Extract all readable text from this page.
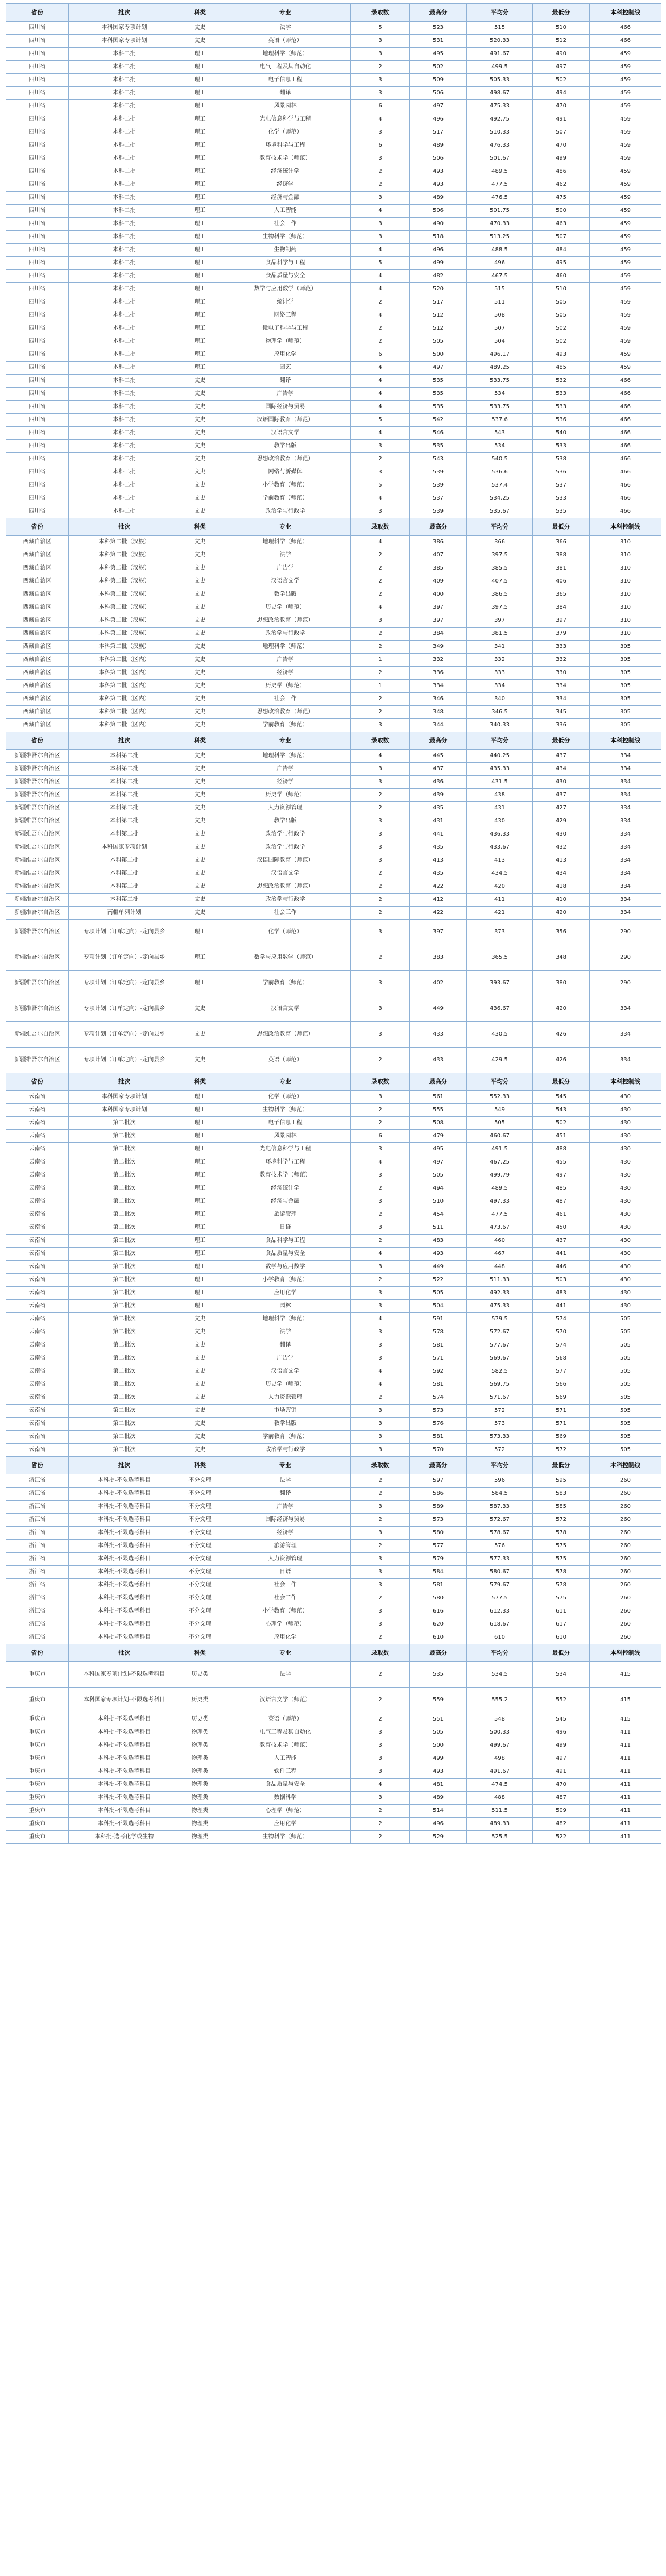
省份	批次	科类	专业	录取数	最高分	平均分	最低分	本科控制线
四川省	本科国家专项计划	文史	法学	5	523	515	510	466
四川省	本科国家专项计划	文史	英语（师范）	3	531	520.33	512	466
四川省	本科二批	理工	地理科学（师范）	3	495	491.67	490	459
四川省	本科二批	理工	电气工程及其自动化	2	502	499.5	497	459
四川省	本科二批	理工	电子信息工程	3	509	505.33	502	459
四川省	本科二批	理工	翻译	3	506	498.67	494	459
四川省	本科二批	理工	风景园林	6	497	475.33	470	459
四川省	本科二批	理工	光电信息科学与工程	4	496	492.75	491	459
四川省	本科二批	理工	化学（师范）	3	517	510.33	507	459
四川省	本科二批	理工	环境科学与工程	6	489	476.33	470	459
四川省	本科二批	理工	教育技术学（师范）	3	506	501.67	499	459
四川省	本科二批	理工	经济统计学	2	493	489.5	486	459
四川省	本科二批	理工	经济学	2	493	477.5	462	459
四川省	本科二批	理工	经济与金融	3	489	476.5	475	459
四川省	本科二批	理工	人工智能	4	506	501.75	500	459
四川省	本科二批	理工	社会工作	3	490	470.33	463	459
四川省	本科二批	理工	生物科学（师范）	3	518	513.25	507	459
四川省	本科二批	理工	生物制药	4	496	488.5	484	459
四川省	本科二批	理工	食品科学与工程	5	499	496	495	459
四川省	本科二批	理工	食品质量与安全	4	482	467.5	460	459
四川省	本科二批	理工	数学与应用数学（师范）	4	520	515	510	459
四川省	本科二批	理工	统计学	2	517	511	505	459
四川省	本科二批	理工	网络工程	4	512	508	505	459
四川省	本科二批	理工	微电子科学与工程	2	512	507	502	459
四川省	本科二批	理工	物理学（师范）	2	505	504	502	459
四川省	本科二批	理工	应用化学	6	500	496.17	493	459
四川省	本科二批	理工	园艺	4	497	489.25	485	459
四川省	本科二批	文史	翻译	4	535	533.75	532	466
四川省	本科二批	文史	广告学	4	535	534	533	466
四川省	本科二批	文史	国际经济与贸易	4	535	533.75	533	466
四川省	本科二批	文史	汉语国际教育（师范）	5	542	537.6	536	466
四川省	本科二批	文史	汉语言文学	4	546	543	540	466
四川省	本科二批	文史	教学出版	3	535	534	533	466
四川省	本科二批	文史	思想政治教育（师范）	2	543	540.5	538	466
四川省	本科二批	文史	网络与新媒体	3	539	536.6	536	466
四川省	本科二批	文史	小学教育（师范）	5	539	537.4	537	466
四川省	本科二批	文史	学前教育（师范）	4	537	534.25	533	466
四川省	本科二批	文史	政治学与行政学	3	539	535.67	535	466
省份	批次	科类	专业	录取数	最高分	平均分	最低分	本科控制线
西藏自治区	本科第二批（汉族）	文史	地理科学（师范）	4	386	366	366	310
西藏自治区	本科第二批（汉族）	文史	法学	2	407	397.5	388	310
西藏自治区	本科第二批（汉族）	文史	广告学	2	385	385.5	381	310
西藏自治区	本科第二批（汉族）	文史	汉语言文学	2	409	407.5	406	310
西藏自治区	本科第二批（汉族）	文史	教学出版	2	400	386.5	365	310
西藏自治区	本科第二批（汉族）	文史	历史学（师范）	4	397	397.5	384	310
西藏自治区	本科第二批（汉族）	文史	思想政治教育（师范）	3	397	397	397	310
西藏自治区	本科第二批（汉族）	文史	政治学与行政学	2	384	381.5	379	310
西藏自治区	本科第二批（汉族）	文史	地理科学（师范）	2	349	341	333	305
西藏自治区	本科第二批（区内）	文史	广告学	1	332	332	332	305
西藏自治区	本科第二批（区内）	文史	经济学	2	336	333	330	305
西藏自治区	本科第二批（区内）	文史	历史学（师范）	1	334	334	334	305
西藏自治区	本科第二批（区内）	文史	社会工作	2	346	340	334	305
西藏自治区	本科第二批（区内）	文史	思想政治教育（师范）	2	348	346.5	345	305
西藏自治区	本科第二批（区内）	文史	学前教育（师范）	3	344	340.33	336	305
省份	批次	科类	专业	录取数	最高分	平均分	最低分	本科控制线
新疆维吾尔自治区	本科第二批	文史	地理科学（师范）	4	445	440.25	437	334
新疆维吾尔自治区	本科第二批	文史	广告学	3	437	435.33	434	334
新疆维吾尔自治区	本科第二批	文史	经济学	3	436	431.5	430	334
新疆维吾尔自治区	本科第二批	文史	历史学（师范）	2	439	438	437	334
新疆维吾尔自治区	本科第二批	文史	人力资源管理	2	435	431	427	334
新疆维吾尔自治区	本科第二批	文史	教学出版	3	431	430	429	334
新疆维吾尔自治区	本科第二批	文史	政治学与行政学	3	441	436.33	430	334
新疆维吾尔自治区	本科国家专项计划	文史	政治学与行政学	3	435	433.67	432	334
新疆维吾尔自治区	本科第二批	文史	汉语国际教育（师范）	3	413	413	413	334
新疆维吾尔自治区	本科第二批	文史	汉语言文学	2	435	434.5	434	334
新疆维吾尔自治区	本科第二批	文史	思想政治教育（师范）	2	422	420	418	334
新疆维吾尔自治区	本科第二批	文史	政治学与行政学	2	412	411	410	334
新疆维吾尔自治区	南疆单列计划	文史	社会工作	2	422	421	420	334
新疆维吾尔自治区	专项计划（订单定向）-定向县乡	理工	化学（师范）	3	397	373	356	290
新疆维吾尔自治区	专项计划（订单定向）-定向县乡	理工	数学与应用数学（师范）	2	383	365.5	348	290
新疆维吾尔自治区	专项计划（订单定向）-定向县乡	理工	学前教育（师范）	3	402	393.67	380	290
新疆维吾尔自治区	专项计划（订单定向）-定向县乡	文史	汉语言文学	3	449	436.67	420	334
新疆维吾尔自治区	专项计划（订单定向）-定向县乡	文史	思想政治教育（师范）	3	433	430.5	426	334
新疆维吾尔自治区	专项计划（订单定向）-定向县乡	文史	英语（师范）	2	433	429.5	426	334
省份	批次	科类	专业	录取数	最高分	平均分	最低分	本科控制线
云南省	本科国家专项计划	理工	化学（师范）	3	561	552.33	545	430
云南省	本科国家专项计划	理工	生物科学（师范）	2	555	549	543	430
云南省	第二批次	理工	电子信息工程	2	508	505	502	430
云南省	第二批次	理工	风景园林	6	479	460.67	451	430
云南省	第二批次	理工	光电信息科学与工程	3	495	491.5	488	430
云南省	第二批次	理工	环境科学与工程	4	497	467.25	455	430
云南省	第二批次	理工	教育技术学（师范）	3	505	499.79	497	430
云南省	第二批次	理工	经济统计学	2	494	489.5	485	430
云南省	第二批次	理工	经济与金融	3	510	497.33	487	430
云南省	第二批次	理工	旅游管理	2	454	477.5	461	430
云南省	第二批次	理工	日语	3	511	473.67	450	430
云南省	第二批次	理工	食品科学与工程	2	483	460	437	430
云南省	第二批次	理工	食品质量与安全	4	493	467	441	430
云南省	第二批次	理工	数学与应用数学	3	449	448	446	430
云南省	第二批次	理工	小学教育（师范）	2	522	511.33	503	430
云南省	第二批次	理工	应用化学	3	505	492.33	483	430
云南省	第二批次	理工	园林	3	504	475.33	441	430
云南省	第二批次	文史	地理科学（师范）	4	591	579.5	574	505
云南省	第二批次	文史	法学	3	578	572.67	570	505
云南省	第二批次	文史	翻译	3	581	577.67	574	505
云南省	第二批次	文史	广告学	3	571	569.67	568	505
云南省	第二批次	文史	汉语言文学	4	592	582.5	577	505
云南省	第二批次	文史	历史学（师范）	4	581	569.75	566	505
云南省	第二批次	文史	人力资源管理	2	574	571.67	569	505
云南省	第二批次	文史	市场营销	3	573	572	571	505
云南省	第二批次	文史	教学出版	3	576	573	571	505
云南省	第二批次	文史	学前教育（师范）	3	581	573.33	569	505
云南省	第二批次	文史	政治学与行政学	3	570	572	572	505
省份	批次	科类	专业	录取数	最高分	平均分	最低分	本科控制线
浙江省	本科批-不限选考科目	不分文理	法学	2	597	596	595	260
浙江省	本科批-不限选考科目	不分文理	翻译	2	586	584.5	583	260
浙江省	本科批-不限选考科目	不分文理	广告学	3	589	587.33	585	260
浙江省	本科批-不限选考科目	不分文理	国际经济与贸易	2	573	572.67	572	260
浙江省	本科批-不限选考科目	不分文理	经济学	3	580	578.67	578	260
浙江省	本科批-不限选考科目	不分文理	旅游管理	2	577	576	575	260
浙江省	本科批-不限选考科目	不分文理	人力资源管理	3	579	577.33	575	260
浙江省	本科批-不限选考科目	不分文理	日语	3	584	580.67	578	260
浙江省	本科批-不限选考科目	不分文理	社会工作	3	581	579.67	578	260
浙江省	本科批-不限选考科目	不分文理	社会工作	2	580	577.5	575	260
浙江省	本科批-不限选考科目	不分文理	小学教育（师范）	3	616	612.33	611	260
浙江省	本科批-不限选考科目	不分文理	心理学（师范）	3	620	618.67	617	260
浙江省	本科批-不限选考科目	不分文理	应用化学	2	610	610	610	260
省份	批次	科类	专业	录取数	最高分	平均分	最低分	本科控制线
重庆市	本科国家专项计划-不限选考科目	历史类	法学	2	535	534.5	534	415
重庆市	本科国家专项计划-不限选考科目	历史类	汉语言文学（师范）	2	559	555.2	552	415
重庆市	本科批-不限选考科目	历史类	英语（师范）	2	551	548	545	415
重庆市	本科批-不限选考科目	物理类	电气工程及其自动化	3	505	500.33	496	411
重庆市	本科批-不限选考科目	物理类	教育技术学（师范）	3	500	499.67	499	411
重庆市	本科批-不限选考科目	物理类	人工智能	3	499	498	497	411
重庆市	本科批-不限选考科目	物理类	软件工程	3	493	491.67	491	411
重庆市	本科批-不限选考科目	物理类	食品质量与安全	4	481	474.5	470	411
重庆市	本科批-不限选考科目	物理类	数据科学	3	489	488	487	411
重庆市	本科批-不限选考科目	物理类	心理学（师范）	2	514	511.5	509	411
重庆市	本科批-不限选考科目	物理类	应用化学	2	496	489.33	482	411
重庆市	本科批-选考化学或生物	物理类	生物科学（师范）	2	529	525.5	522	411
